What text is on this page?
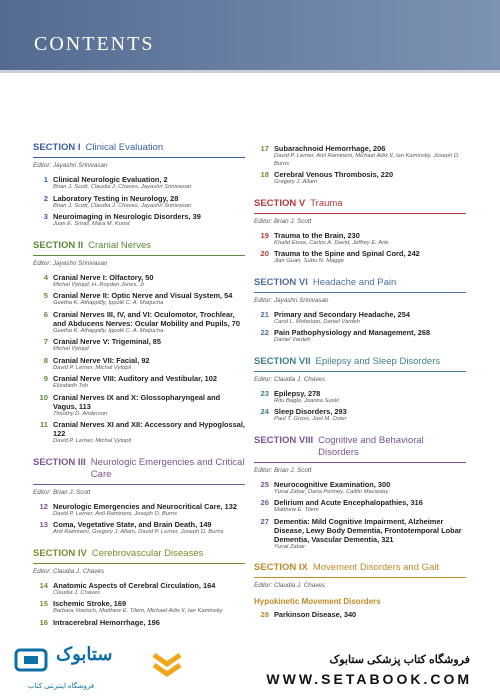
CONTENTS
SECTION I Clinical Evaluation
Editor: Jayashri Srinivasan
1 Clinical Neurologic Evaluation, 2
Brian J. Scott, Claudia J. Chaves, Jayashri Srinivasan
2 Laboratory Testing in Neurology, 28
Brian J. Scott, Claudia J. Chaves, Jayashri Srinivasan
3 Neuroimaging in Neurologic Disorders, 39
Juan E. Small, Mara M. Kunst
SECTION II Cranial Nerves
Editor: Jayashri Srinivasan
4 Cranial Nerve I: Olfactory, 50
Michal Vytopil, H. Royden Jones, Jr
5 Cranial Nerve II: Optic Nerve and Visual System, 54
Geetha K. Athappilly, Ippolit C. A. Matjucha
6 Cranial Nerves III, IV, and VI: Oculomotor, Trochlear, and Abducens Nerves: Ocular Mobility and Pupils, 70
Geetha K. Athappilly, Ippolit C. A. Matjucha
7 Cranial Nerve V: Trigeminal, 85
Michal Vytopil
8 Cranial Nerve VII: Facial, 92
David P. Lerner, Michal Vytopil
9 Cranial Nerve VIII: Auditory and Vestibular, 102
Elizabeth Toh
10 Cranial Nerves IX and X: Glossopharyngeal and Vagus, 113
Timothy D. Anderson
11 Cranial Nerves XI and XII: Accessory and Hypoglossal, 122
David P. Lerner, Michal Vytopil
SECTION III Neurologic Emergencies and Critical Care
Editor: Brian J. Scott
12 Neurologic Emergencies and Neurocritical Care, 132
David P. Lerner, Anil Ramineni, Joseph D. Burns
13 Coma, Vegetative State, and Brain Death, 149
Anil Ramineni, Gregory J. Allam, David P. Lerner, Joseph D. Burns
SECTION IV Cerebrovascular Diseases
Editor: Claudia J. Chaves
14 Anatomic Aspects of Cerebral Circulation, 164
Claudia J. Chaves
15 Ischemic Stroke, 169
Barbara Voetsch, Matthew E. Tilem, Michael Adix II, Ian Kaminsky
16 Intracerebral Hemorrhage, 196
17 Subarachnoid Hemorrhage, 206
David P. Lerner, Anil Ramineni, Michael Adix II, Ian Kaminsky, Joseph D. Burns
18 Cerebral Venous Thrombosis, 220
Gregory J. Allam
SECTION V Trauma
Editor: Brian J. Scott
19 Trauma to the Brain, 230
Khalid Eissa, Carlos A. David, Jeffrey E. Arle
20 Trauma to the Spine and Spinal Cord, 242
Jian Guan, Subu N. Magge
SECTION VI Headache and Pain
Editor: Jayashri Srinivasan
21 Primary and Secondary Headache, 254
Carol L. Moheban, Daniel Vardeh
22 Pain Pathophysiology and Management, 268
Daniel Vardeh
SECTION VII Epilepsy and Sleep Disorders
Editor: Claudia J. Chaves
23 Epilepsy, 278
Ritu Bagla, Joanna Suski
24 Sleep Disorders, 293
Paul T. Gross, Joel M. Oster
SECTION VIII Cognitive and Behavioral Disorders
Editor: Brian J. Scott
25 Neurocognitive Examination, 300
Yuval Zabar, Dana Penney, Caitlin Macaulay
26 Delirium and Acute Encephalopathies, 316
Matthew E. Tilem
27 Dementia: Mild Cognitive Impairment, Alzheimer Disease, Lewy Body Dementia, Frontotemporal Lobar Dementia, Vascular Dementia, 321
Yuval Zabar
SECTION IX Movement Disorders and Gait
Editor: Claudia J. Chaves
Hypokinetic Movement Disorders
28 Parkinson Disease, 340
ستابوک
فروشگاه اینترنتی کتاب
فروشگاه کتاب پزشکی ستابوک
WWW.SETABOOK.COM
